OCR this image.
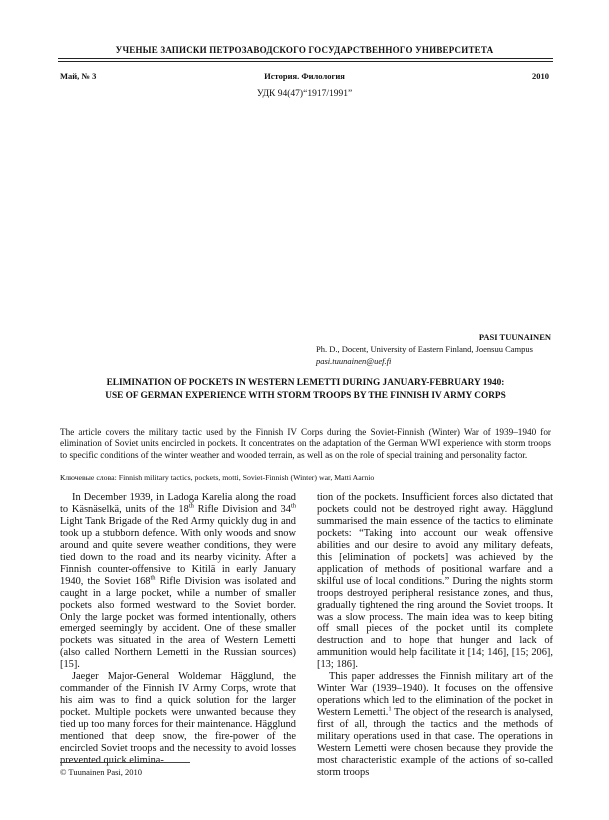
УЧЕНЫЕ ЗАПИСКИ ПЕТРОЗАВОДСКОГО ГОСУДАРСТВЕННОГО УНИВЕРСИТЕТА
Май, № 3	История. Филология	2010
УДК 94(47)“1917/1991”
PASI TUUNAINEN
Ph. D., Docent, University of Eastern Finland, Joensuu Campus
pasi.tuunainen@uef.fi
ELIMINATION OF POCKETS IN WESTERN LEMETTI DURING JANUARY-FEBRUARY 1940:
USE OF GERMAN EXPERIENCE WITH STORM TROOPS BY THE FINNISH IV ARMY CORPS
The article covers the military tactic used by the Finnish IV Corps during the Soviet-Finnish (Winter) War of 1939–1940 for elimination of Soviet units encircled in pockets. It concentrates on the adaptation of the German WWI experience with storm troops to specific conditions of the winter weather and wooded terrain, as well as on the role of special training and personality factor.
Ключевые слова: Finnish military tactics, pockets, motti, Soviet-Finnish (Winter) war, Matti Aarnio

In December 1939, in Ladoga Karelia along the road to Käsnäselkä, units of the 18th Rifle Division and 34th Light Tank Brigade of the Red Army quickly dug in and took up a stubborn defence. With only woods and snow around and quite severe weather conditions, they were tied down to the road and its nearby vicinity. After a Finnish counter-offensive to Kitilä in early January 1940, the Soviet 168th Rifle Division was isolated and caught in a large pocket, while a number of smaller pockets also formed westward to the Soviet border. Only the large pocket was formed intentionally, others emerged seemingly by accident. One of these smaller pockets was situated in the area of Western Lemetti (also called Northern Lemetti in the Russian sources) [15].

Jaeger Major-General Woldemar Hägglund, the commander of the Finnish IV Army Corps, wrote that his aim was to find a quick solution for the larger pocket. Multiple pockets were unwanted because they tied up too many forces for their maintenance. Hägglund mentioned that deep snow, the fire-power of the encircled Soviet troops and the necessity to avoid losses prevented quick elimina-

tion of the pockets. Insufficient forces also dictated that pockets could not be destroyed right away. Hägglund summarised the main essence of the tactics to eliminate pockets: “Taking into account our weak offensive abilities and our desire to avoid any military defeats, this [elimination of pockets] was achieved by the application of methods of positional warfare and a skilful use of local conditions.” During the nights storm troops destroyed peripheral resistance zones, and thus, gradually tightened the ring around the Soviet troops. It was a slow process. The main idea was to keep biting off small pieces of the pocket until its complete destruction and to hope that hunger and lack of ammunition would help facilitate it [14; 146], [15; 206], [13; 186].

This paper addresses the Finnish military art of the Winter War (1939–1940). It focuses on the offensive operations which led to the elimination of the pocket in Western Lemetti.$^1$ The object of the research is analysed, first of all, through the tactics and the methods of military operations used in that case. The operations in Western Lemetti were chosen because they provide the most characteristic example of the actions of so-called storm troops

© Tuunainen Pasi, 2010
